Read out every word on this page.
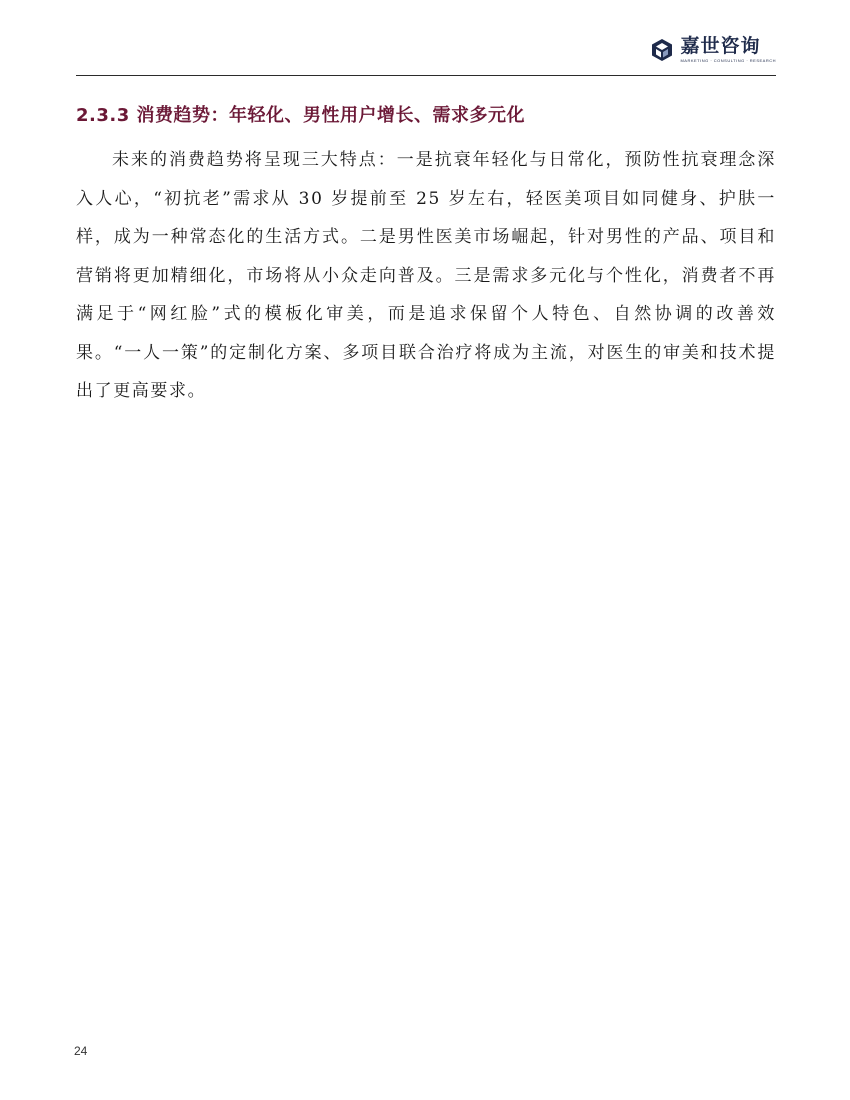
嘉世咨询
MARKETING · CONSULTING · RESEARCH
2.3.3 消费趋势：年轻化、男性用户增长、需求多元化

未来的消费趋势将呈现三大特点：一是抗衰年轻化与日常化，预防性抗衰理念深入人心，“初抗老”需求从 30 岁提前至 25 岁左右，轻医美项目如同健身、护肤一样，成为一种常态化的生活方式。二是男性医美市场崛起，针对男性的产品、项目和营销将更加精细化，市场将从小众走向普及。三是需求多元化与个性化，消费者不再满足于“网红脸”式的模板化审美，而是追求保留个人特色、自然协调的改善效果。“一人一策”的定制化方案、多项目联合治疗将成为主流，对医生的审美和技术提出了更高要求。

24
